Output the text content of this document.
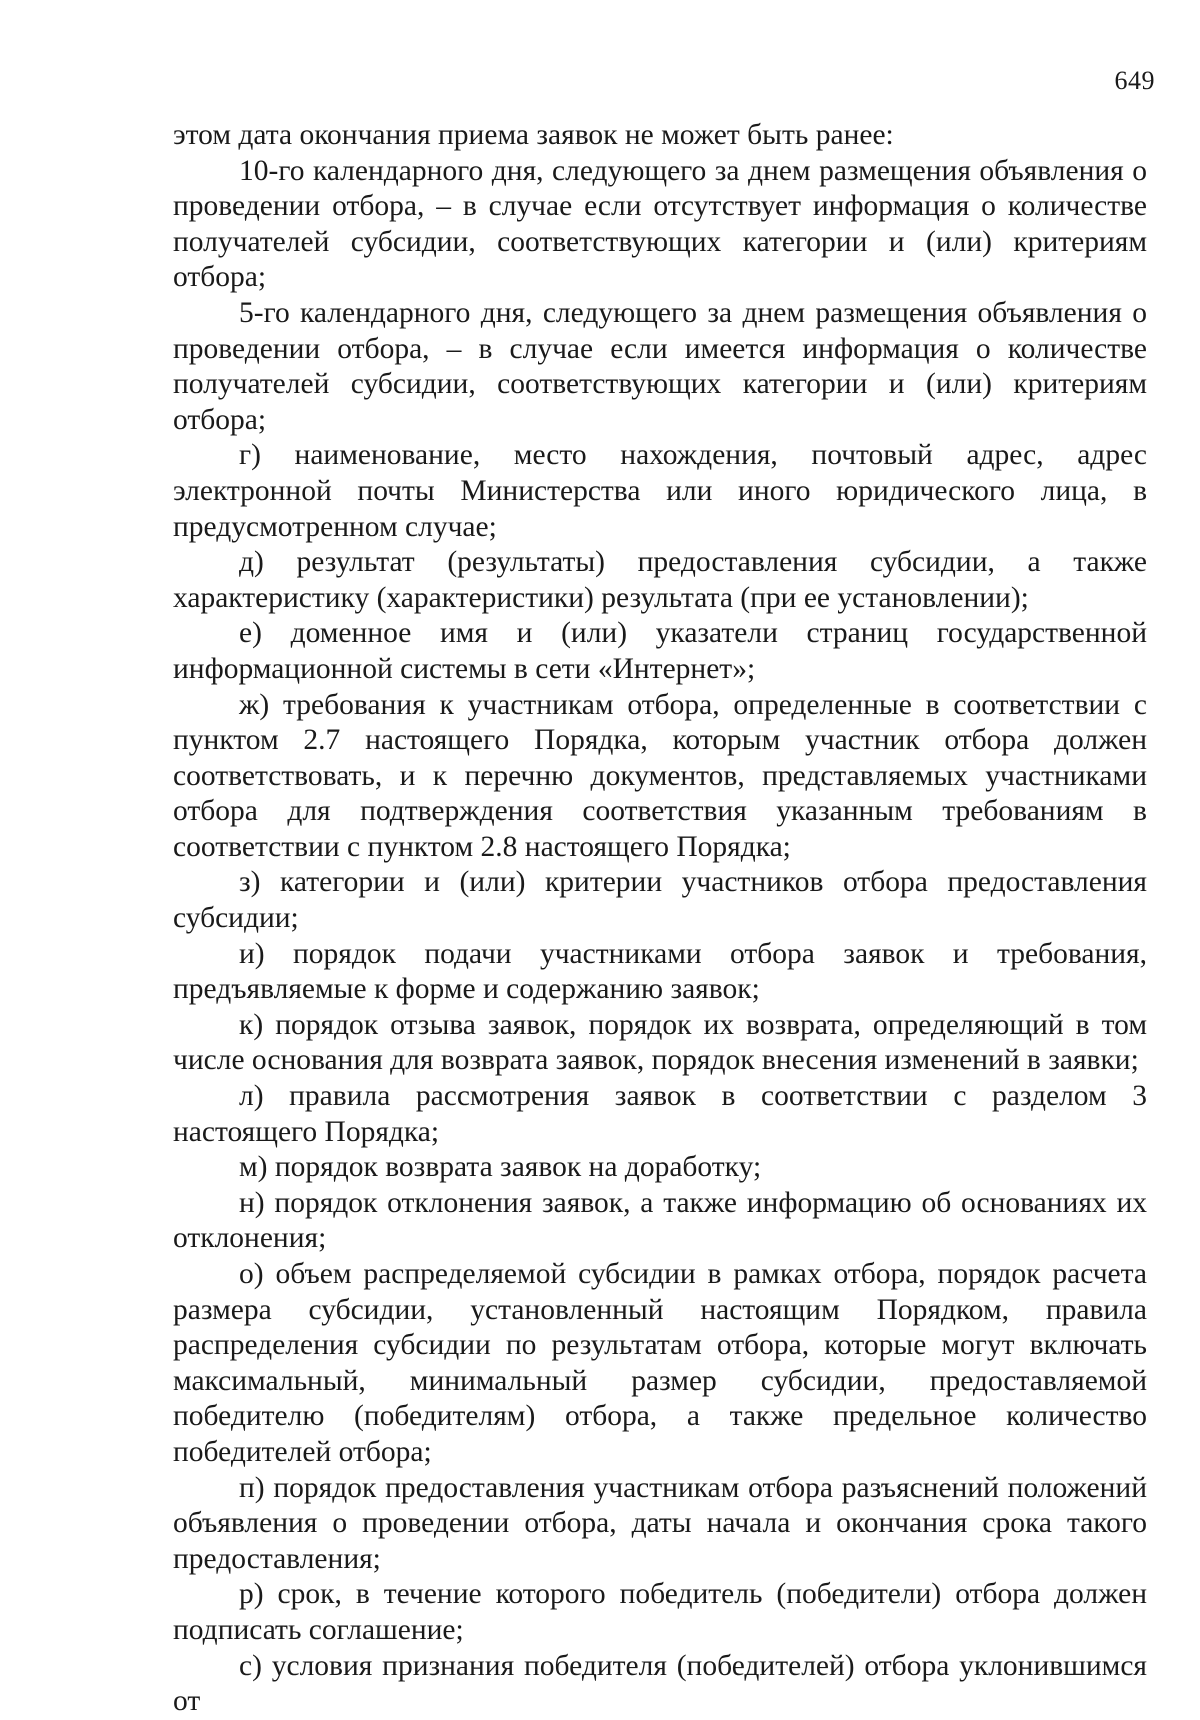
649

этом дата окончания приема заявок не может быть ранее:

10-го календарного дня, следующего за днем размещения объявления о проведении отбора, – в случае если отсутствует информация о количестве получателей субсидии, соответствующих категории и (или) критериям отбора;

5-го календарного дня, следующего за днем размещения объявления о проведении отбора, – в случае если имеется информация о количестве получателей субсидии, соответствующих категории и (или) критериям отбора;

г) наименование, место нахождения, почтовый адрес, адрес электронной почты Министерства или иного юридического лица, в предусмотренном случае;

д) результат (результаты) предоставления субсидии, а также характеристику (характеристики) результата (при ее установлении);

е) доменное имя и (или) указатели страниц государственной информационной системы в сети «Интернет»;

ж) требования к участникам отбора, определенные в соответствии с пунктом 2.7 настоящего Порядка, которым участник отбора должен соответствовать, и к перечню документов, представляемых участниками отбора для подтверждения соответствия указанным требованиям в соответствии с пунктом 2.8 настоящего Порядка;

з) категории и (или) критерии участников отбора предоставления субсидии;

и) порядок подачи участниками отбора заявок и требования, предъявляемые к форме и содержанию заявок;

к) порядок отзыва заявок, порядок их возврата, определяющий в том числе основания для возврата заявок, порядок внесения изменений в заявки;

л) правила рассмотрения заявок в соответствии с разделом 3 настоящего Порядка;

м) порядок возврата заявок на доработку;

н) порядок отклонения заявок, а также информацию об основаниях их отклонения;

о) объем распределяемой субсидии в рамках отбора, порядок расчета размера субсидии, установленный настоящим Порядком, правила распределения субсидии по результатам отбора, которые могут включать максимальный, минимальный размер субсидии, предоставляемой победителю (победителям) отбора, а также предельное количество победителей отбора;

п) порядок предоставления участникам отбора разъяснений положений объявления о проведении отбора, даты начала и окончания срока такого предоставления;

р) срок, в течение которого победитель (победители) отбора должен подписать соглашение;

с) условия признания победителя (победителей) отбора уклонившимся от
